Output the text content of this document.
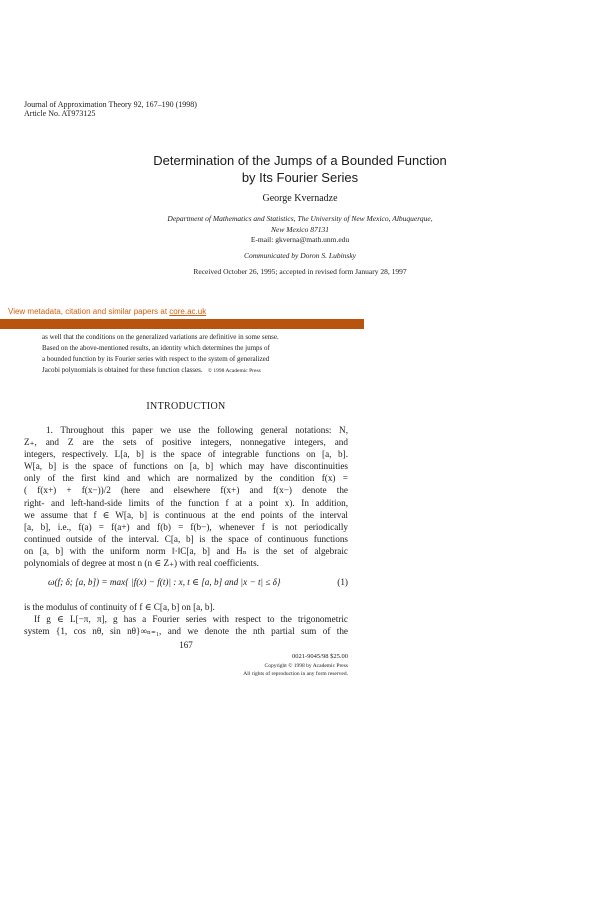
Journal of Approximation Theory 92, 167–190 (1998)
Article No. AT973125
Determination of the Jumps of a Bounded Function
by Its Fourier Series
George Kvernadze
Department of Mathematics and Statistics, The University of New Mexico, Albuquerque,
New Mexico 87131
E-mail: gkverna@math.unm.edu
Communicated by Doron S. Lubinsky
Received October 26, 1995; accepted in revised form January 28, 1997
View metadata, citation and similar papers at core.ac.uk
as well that the conditions on the generalized variations are definitive in some sense.
Based on the above-mentioned results, an identity which determines the jumps of
a bounded function by its Fourier series with respect to the system of generalized
Jacobi polynomials is obtained for these function classes. © 1998 Academic Press
INTRODUCTION
1. Throughout this paper we use the following general notations: N,
Z₊, and Z are the sets of positive integers, nonnegative integers, and
integers, respectively. L[a, b] is the space of integrable functions on [a, b].
W[a, b] is the space of functions on [a, b] which may have discontinuities
only of the first kind and which are normalized by the condition f(x) =
( f(x+) + f(x−))/2 (here and elsewhere f(x+) and f(x−) denote the
right- and left-hand-side limits of the function f at a point x). In addition,
we assume that f ∈ W[a, b] is continuous at the end points of the interval
[a, b], i.e., f(a) = f(a+) and f(b) = f(b−), whenever f is not periodically
continued outside of the interval. C[a, b] is the space of continuous functions
on [a, b] with the uniform norm ‖·‖C[a, b] and Hₙ is the set of algebraic
polynomials of degree at most n (n ∈ Z₊) with real coefficients.
ω(f; δ; [a, b]) = max{ |f(x) − f(t)| : x, t ∈ [a, b] and |x − t| ≤ δ}	(1)
is the modulus of continuity of f ∈ C[a, b] on [a, b].
If g ∈ L[−π, π], g has a Fourier series with respect to the trigonometric
system {1, cos nθ, sin nθ}∞ₙ₌₁, and we denote the nth partial sum of the
167
0021-9045/98 $25.00
Copyright © 1998 by Academic Press
All rights of reproduction in any form reserved.
